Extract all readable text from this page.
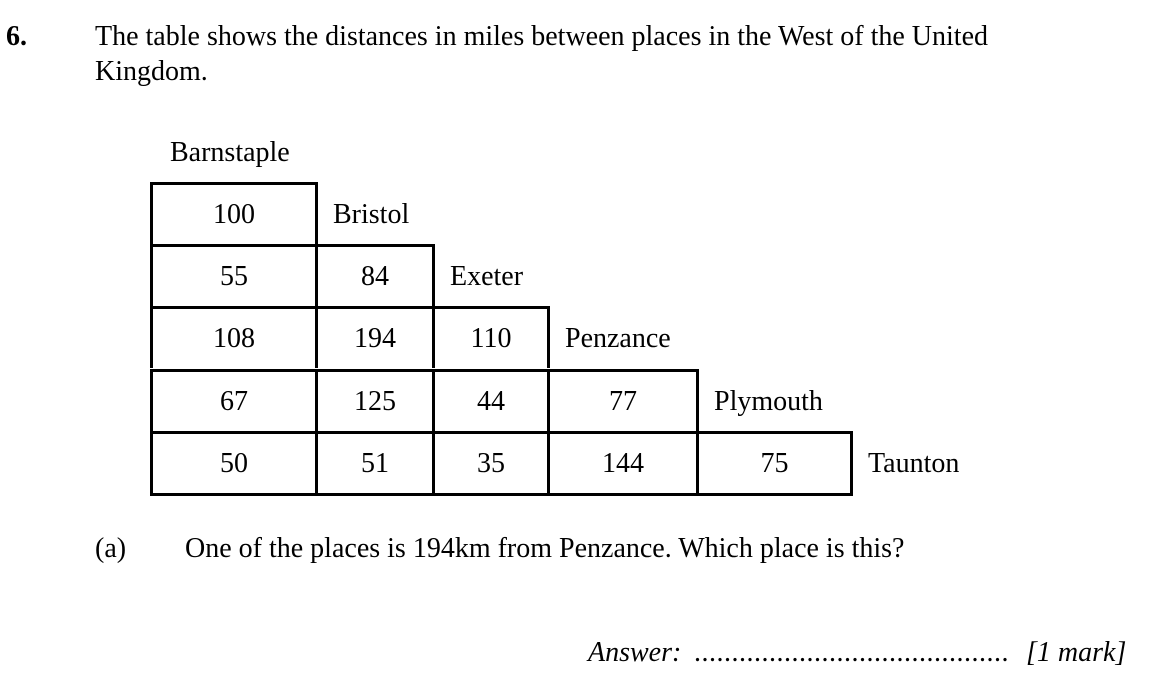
6. The table shows the distances in miles between places in the West of the United Kingdom.
Barnstaple
100	Bristol
55	84	Exeter
108	194	110	Penzance
67	125	44	77	Plymouth
50	51	35	144	75	Taunton
(a) One of the places is 194km from Penzance. Which place is this?
Answer: .......................................... [1 mark]
